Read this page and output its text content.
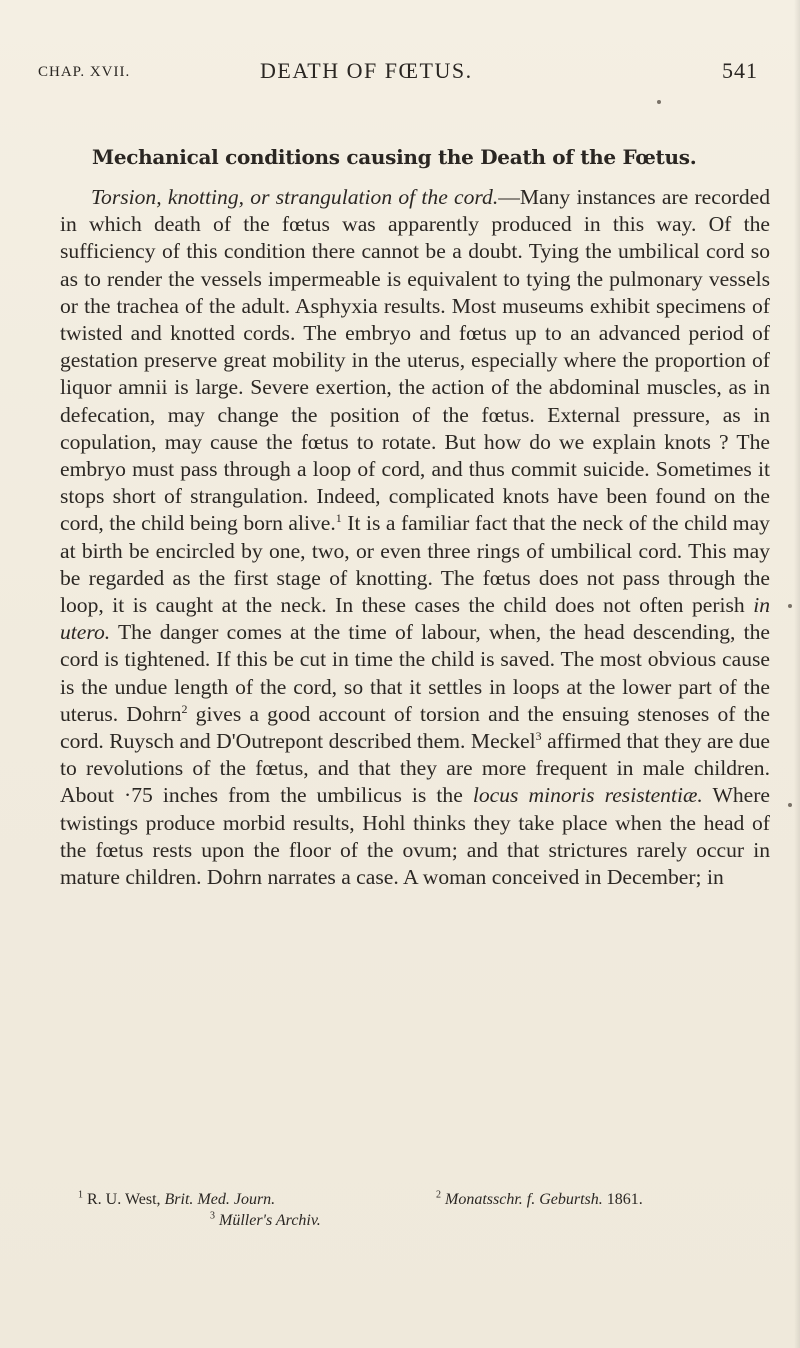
CHAP. XVII.	DEATH OF FŒTUS.	541
Mechanical conditions causing the Death of the Fœtus.

Torsion, knotting, or strangulation of the cord.—Many instances are recorded in which death of the fœtus was apparently produced in this way. Of the sufficiency of this condition there cannot be a doubt. Tying the umbilical cord so as to render the vessels impermeable is equivalent to tying the pulmonary vessels or the trachea of the adult. Asphyxia results. Most museums exhibit specimens of twisted and knotted cords. The embryo and fœtus up to an advanced period of gestation preserve great mobility in the uterus, especially where the proportion of liquor amnii is large. Severe exertion, the action of the abdominal muscles, as in defecation, may change the position of the fœtus. External pressure, as in copulation, may cause the fœtus to rotate. But how do we explain knots ? The embryo must pass through a loop of cord, and thus commit suicide. Sometimes it stops short of strangulation. Indeed, complicated knots have been found on the cord, the child being born alive.$^1$ It is a familiar fact that the neck of the child may at birth be encircled by one, two, or even three rings of umbilical cord. This may be regarded as the first stage of knotting. The fœtus does not pass through the loop, it is caught at the neck. In these cases the child does not often perish in utero. The danger comes at the time of labour, when, the head descending, the cord is tightened. If this be cut in time the child is saved. The most obvious cause is the undue length of the cord, so that it settles in loops at the lower part of the uterus. Dohrn$^2$ gives a good account of torsion and the ensuing stenoses of the cord. Ruysch and D'Outrepont described them. Meckel$^3$ affirmed that they are due to revolutions of the fœtus, and that they are more frequent in male children. About ·75 inches from the umbilicus is the locus minoris resistentiæ. Where twistings produce morbid results, Hohl thinks they take place when the head of the fœtus rests upon the floor of the ovum; and that strictures rarely occur in mature children. Dohrn narrates a case. A woman conceived in December; in

$^1$ R. U. West, Brit. Med. Journ.	$^2$ Monatsschr. f. Geburtsh. 1861.
$^3$ Müller's Archiv.
